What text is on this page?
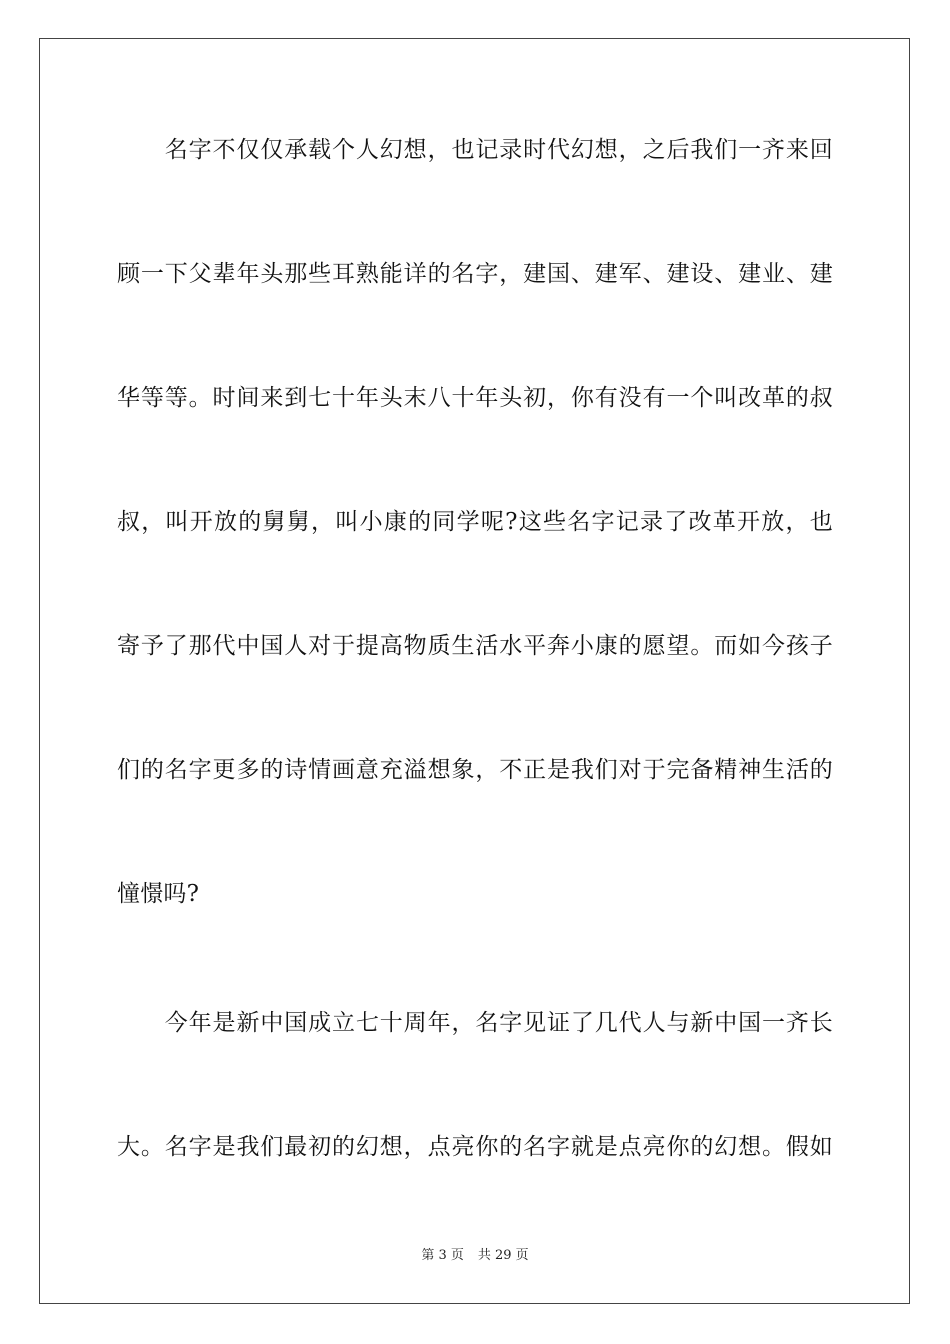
　　名字不仅仅承载个人幻想，也记录时代幻想，之后我们一齐来回
顾一下父辈年头那些耳熟能详的名字，建国、建军、建设、建业、建
华等等。时间来到七十年头末八十年头初，你有没有一个叫改革的叔
叔，叫开放的舅舅，叫小康的同学呢?这些名字记录了改革开放，也
寄予了那代中国人对于提高物质生活水平奔小康的愿望。而如今孩子
们的名字更多的诗情画意充溢想象，不正是我们对于完备精神生活的
憧憬吗?
　　今年是新中国成立七十周年，名字见证了几代人与新中国一齐长
大。名字是我们最初的幻想，点亮你的名字就是点亮你的幻想。假如
第 3 页 共 29 页
